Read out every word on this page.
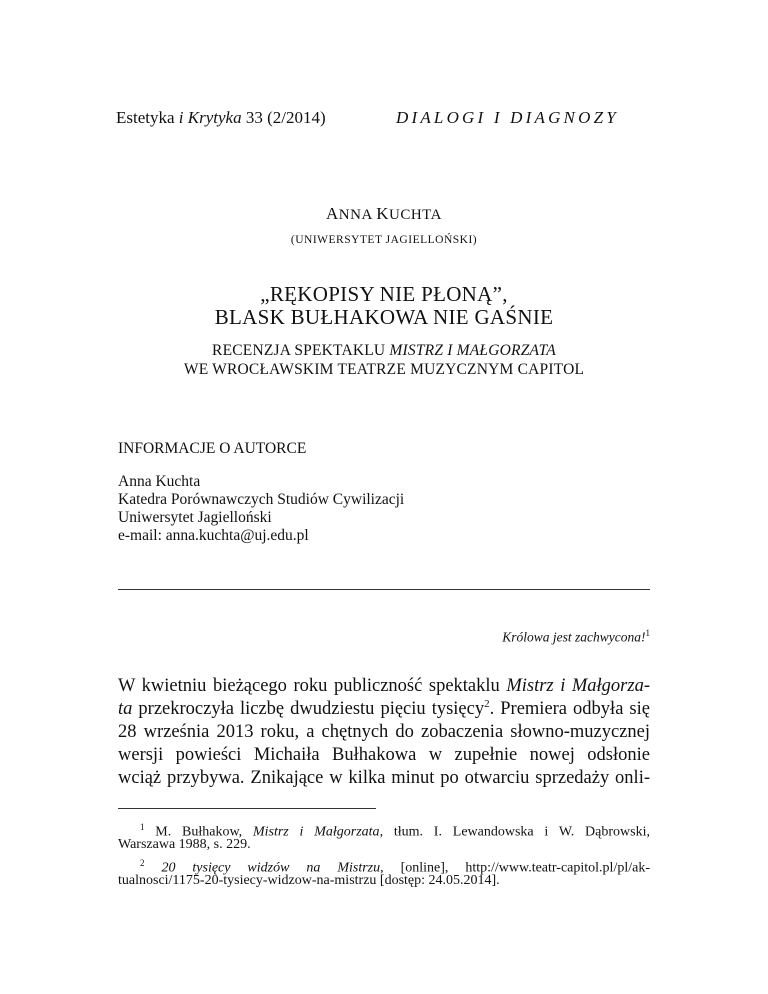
Estetyka i Krytyka 33 (2/2014)	DIALOGI I DIAGNOZY
ANNA KUCHTA
(UNIWERSYTET JAGIELLOŃSKI)
„RĘKOPISY NIE PŁONĄ”,
BLASK BUŁHAKOWA NIE GAŚNIE
RECENZJA SPEKTAKLU MISTRZ I MAŁGORZATA
WE WROCŁAWSKIM TEATRZE MUZYCZNYM CAPITOL
INFORMACJE O AUTORCE
Anna Kuchta
Katedra Porównawczych Studiów Cywilizacji
Uniwersytet Jagielloński
e-mail: anna.kuchta@uj.edu.pl
Królowa jest zachwycona!$^1$
W kwietniu bieżącego roku publiczność spektaklu Mistrz i Małgorza-
ta przekroczyła liczbę dwudziestu pięciu tysięcy$^2$. Premiera odbyła się
28 września 2013 roku, a chętnych do zobaczenia słowno-muzycznej
wersji powieści Michaiła Bułhakowa w zupełnie nowej odsłonie
wciąż przybywa. Znikające w kilka minut po otwarciu sprzedaży onli-
$^1$ M. Bułhakow, Mistrz i Małgorzata, tłum. I. Lewandowska i W. Dąbrowski,
Warszawa 1988, s. 229.
$^2$ 20 tysięcy widzów na Mistrzu, [online], http://www.teatr-capitol.pl/pl/ak-
tualnosci/1175-20-tysiecy-widzow-na-mistrzu [dostęp: 24.05.2014].
